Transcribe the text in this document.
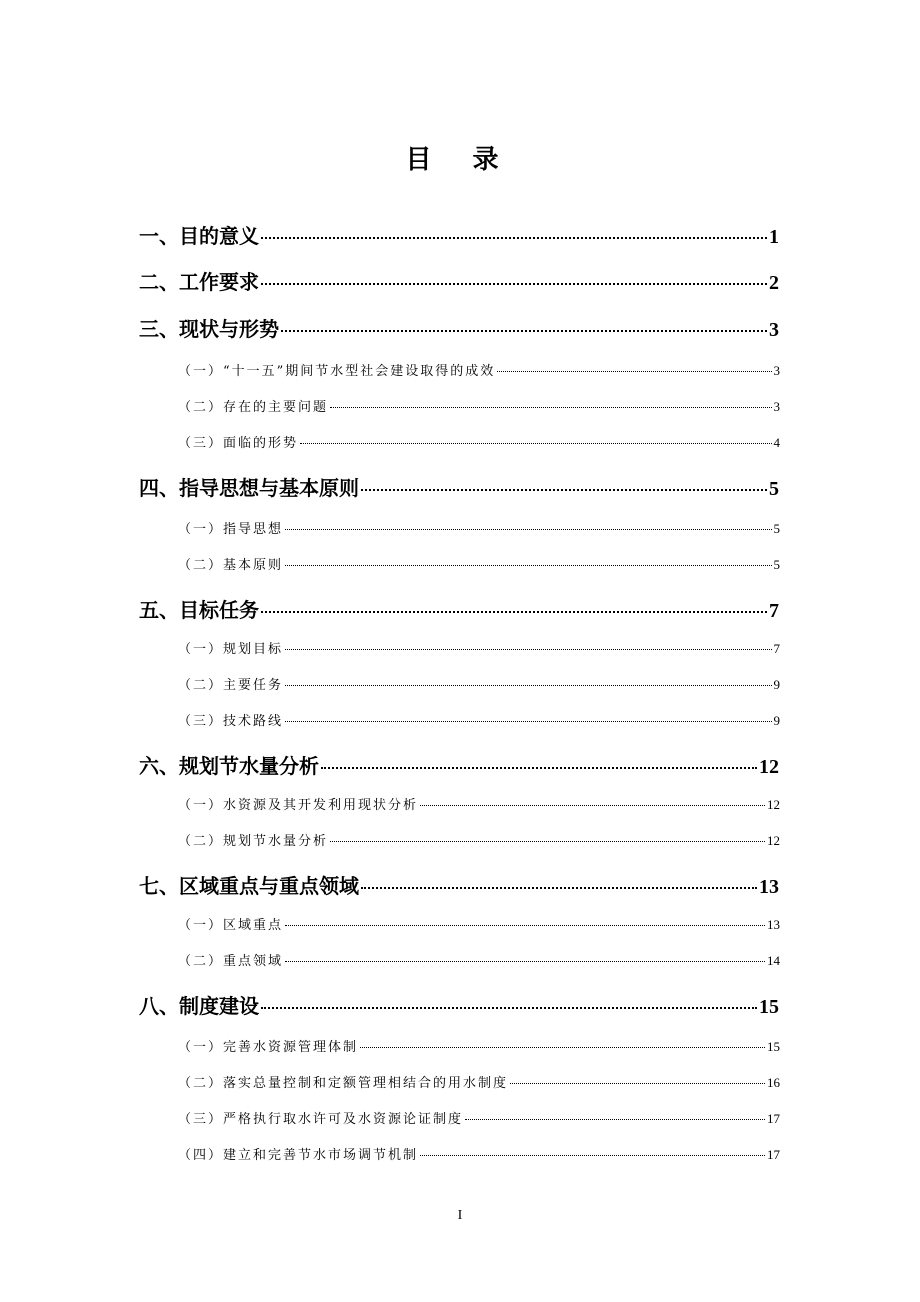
目 录
一、目的意义	1
二、工作要求	2
三、现状与形势	3
（一）“十一五”期间节水型社会建设取得的成效	3
（二）存在的主要问题	3
（三）面临的形势	4
四、指导思想与基本原则	5
（一）指导思想	5
（二）基本原则	5
五、目标任务	7
（一）规划目标	7
（二）主要任务	9
（三）技术路线	9
六、规划节水量分析	12
（一）水资源及其开发利用现状分析	12
（二）规划节水量分析	12
七、区域重点与重点领域	13
（一）区域重点	13
（二）重点领域	14
八、制度建设	15
（一）完善水资源管理体制	15
（二）落实总量控制和定额管理相结合的用水制度	16
（三）严格执行取水许可及水资源论证制度	17
（四）建立和完善节水市场调节机制	17
I
